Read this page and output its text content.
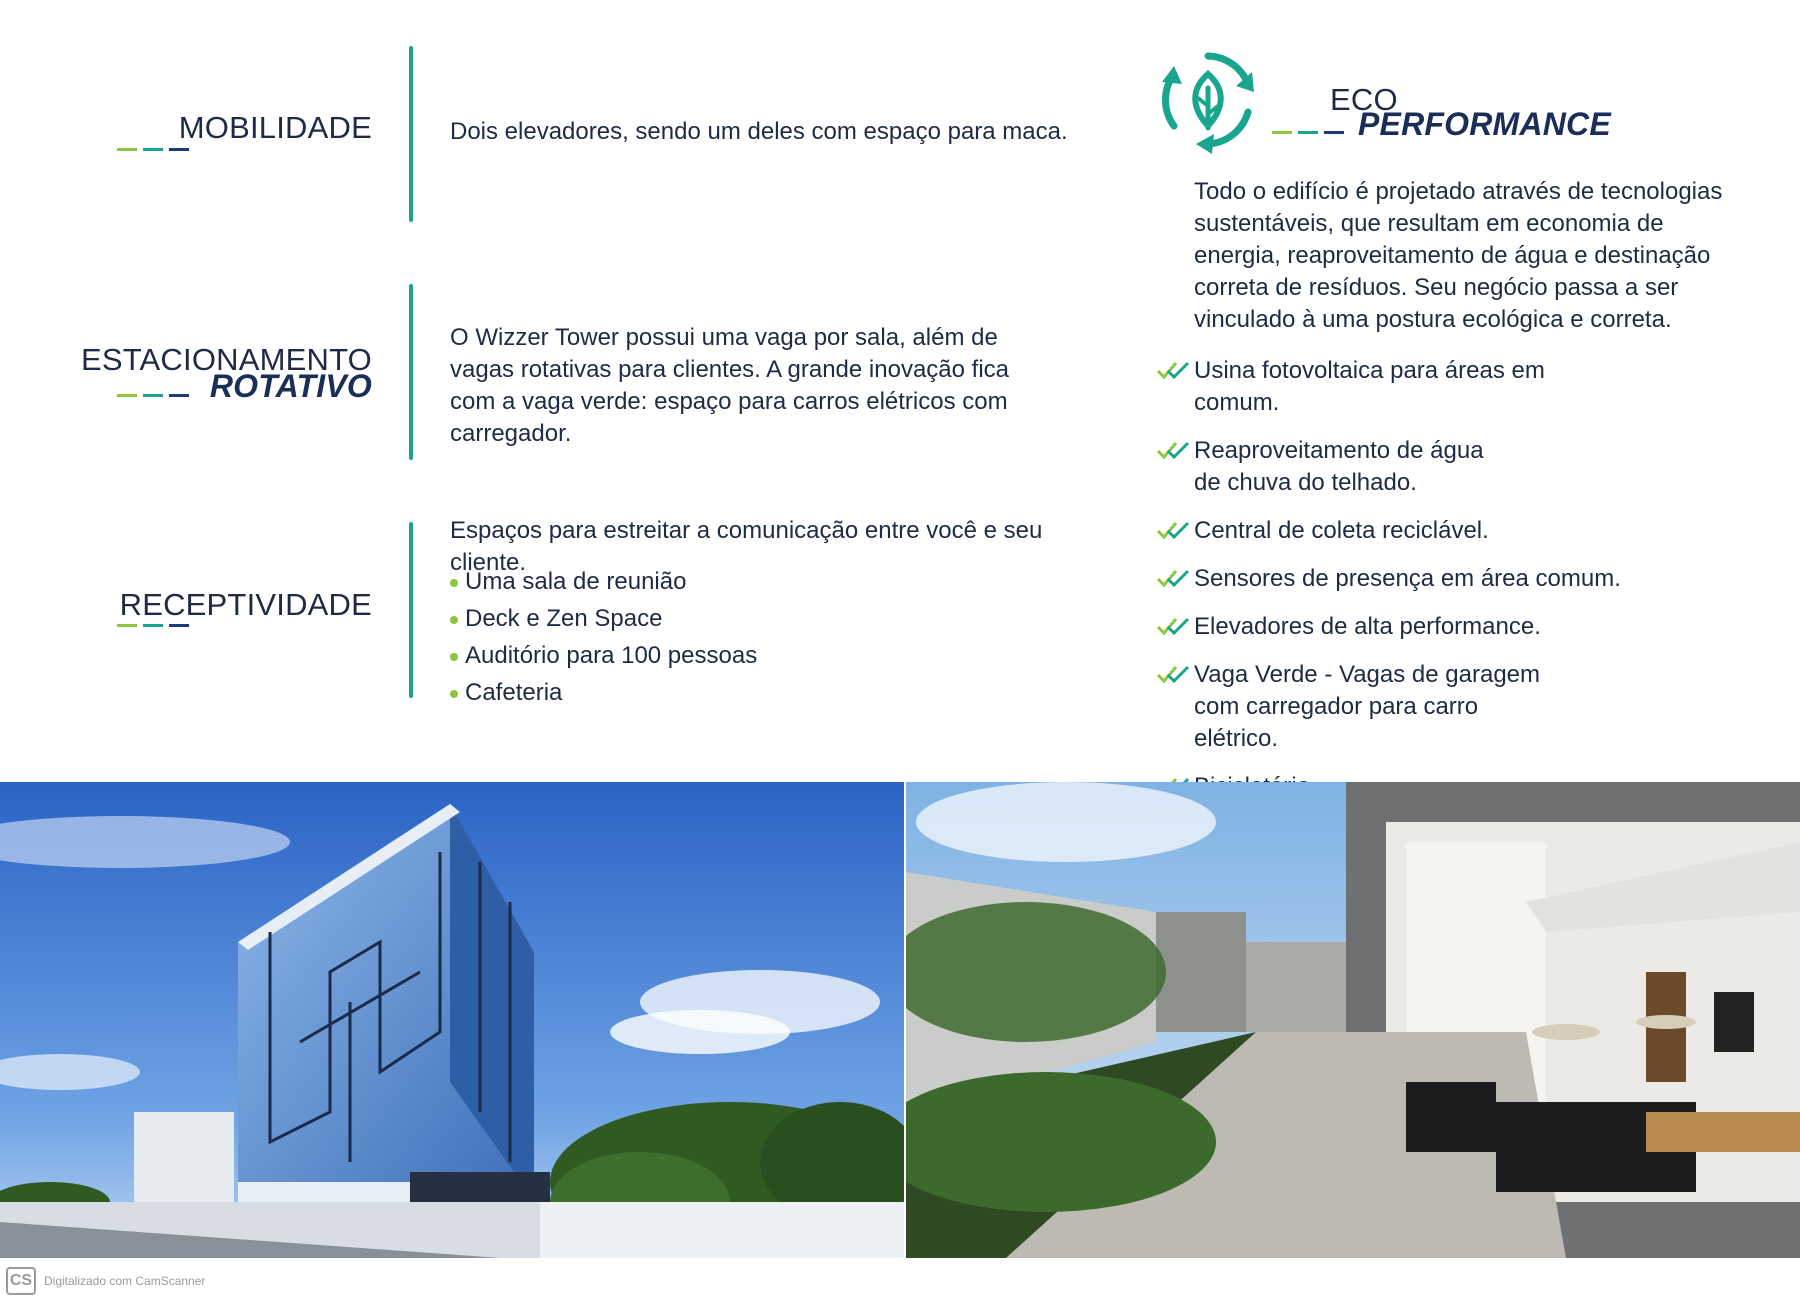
MOBILIDADE	Dois elevadores, sendo um deles com espaço para maca.
ESTACIONAMENTO
ROTATIVO
O Wizzer Tower possui uma vaga por sala, além de vagas rotativas para clientes. A grande inovação fica com a vaga verde: espaço para carros elétricos com carregador.
RECEPTIVIDADE
Espaços para estreitar a comunicação entre você e seu cliente.
Uma sala de reunião
Deck e Zen Space
Auditório para 100 pessoas
Cafeteria
ECO
PERFORMANCE
Todo o edifício é projetado através de tecnologias sustentáveis, que resultam em economia de energia, reaproveitamento de água e destinação correta de resíduos. Seu negócio passa a ser vinculado à uma postura ecológica e correta.
Usina fotovoltaica para áreas em comum.
Reaproveitamento de água de chuva do telhado.
Central de coleta reciclável.
Sensores de presença em área comum.
Elevadores de alta performance.
Vaga Verde - Vagas de garagem com carregador para carro elétrico.
CS Digitalizado com CamScanner
